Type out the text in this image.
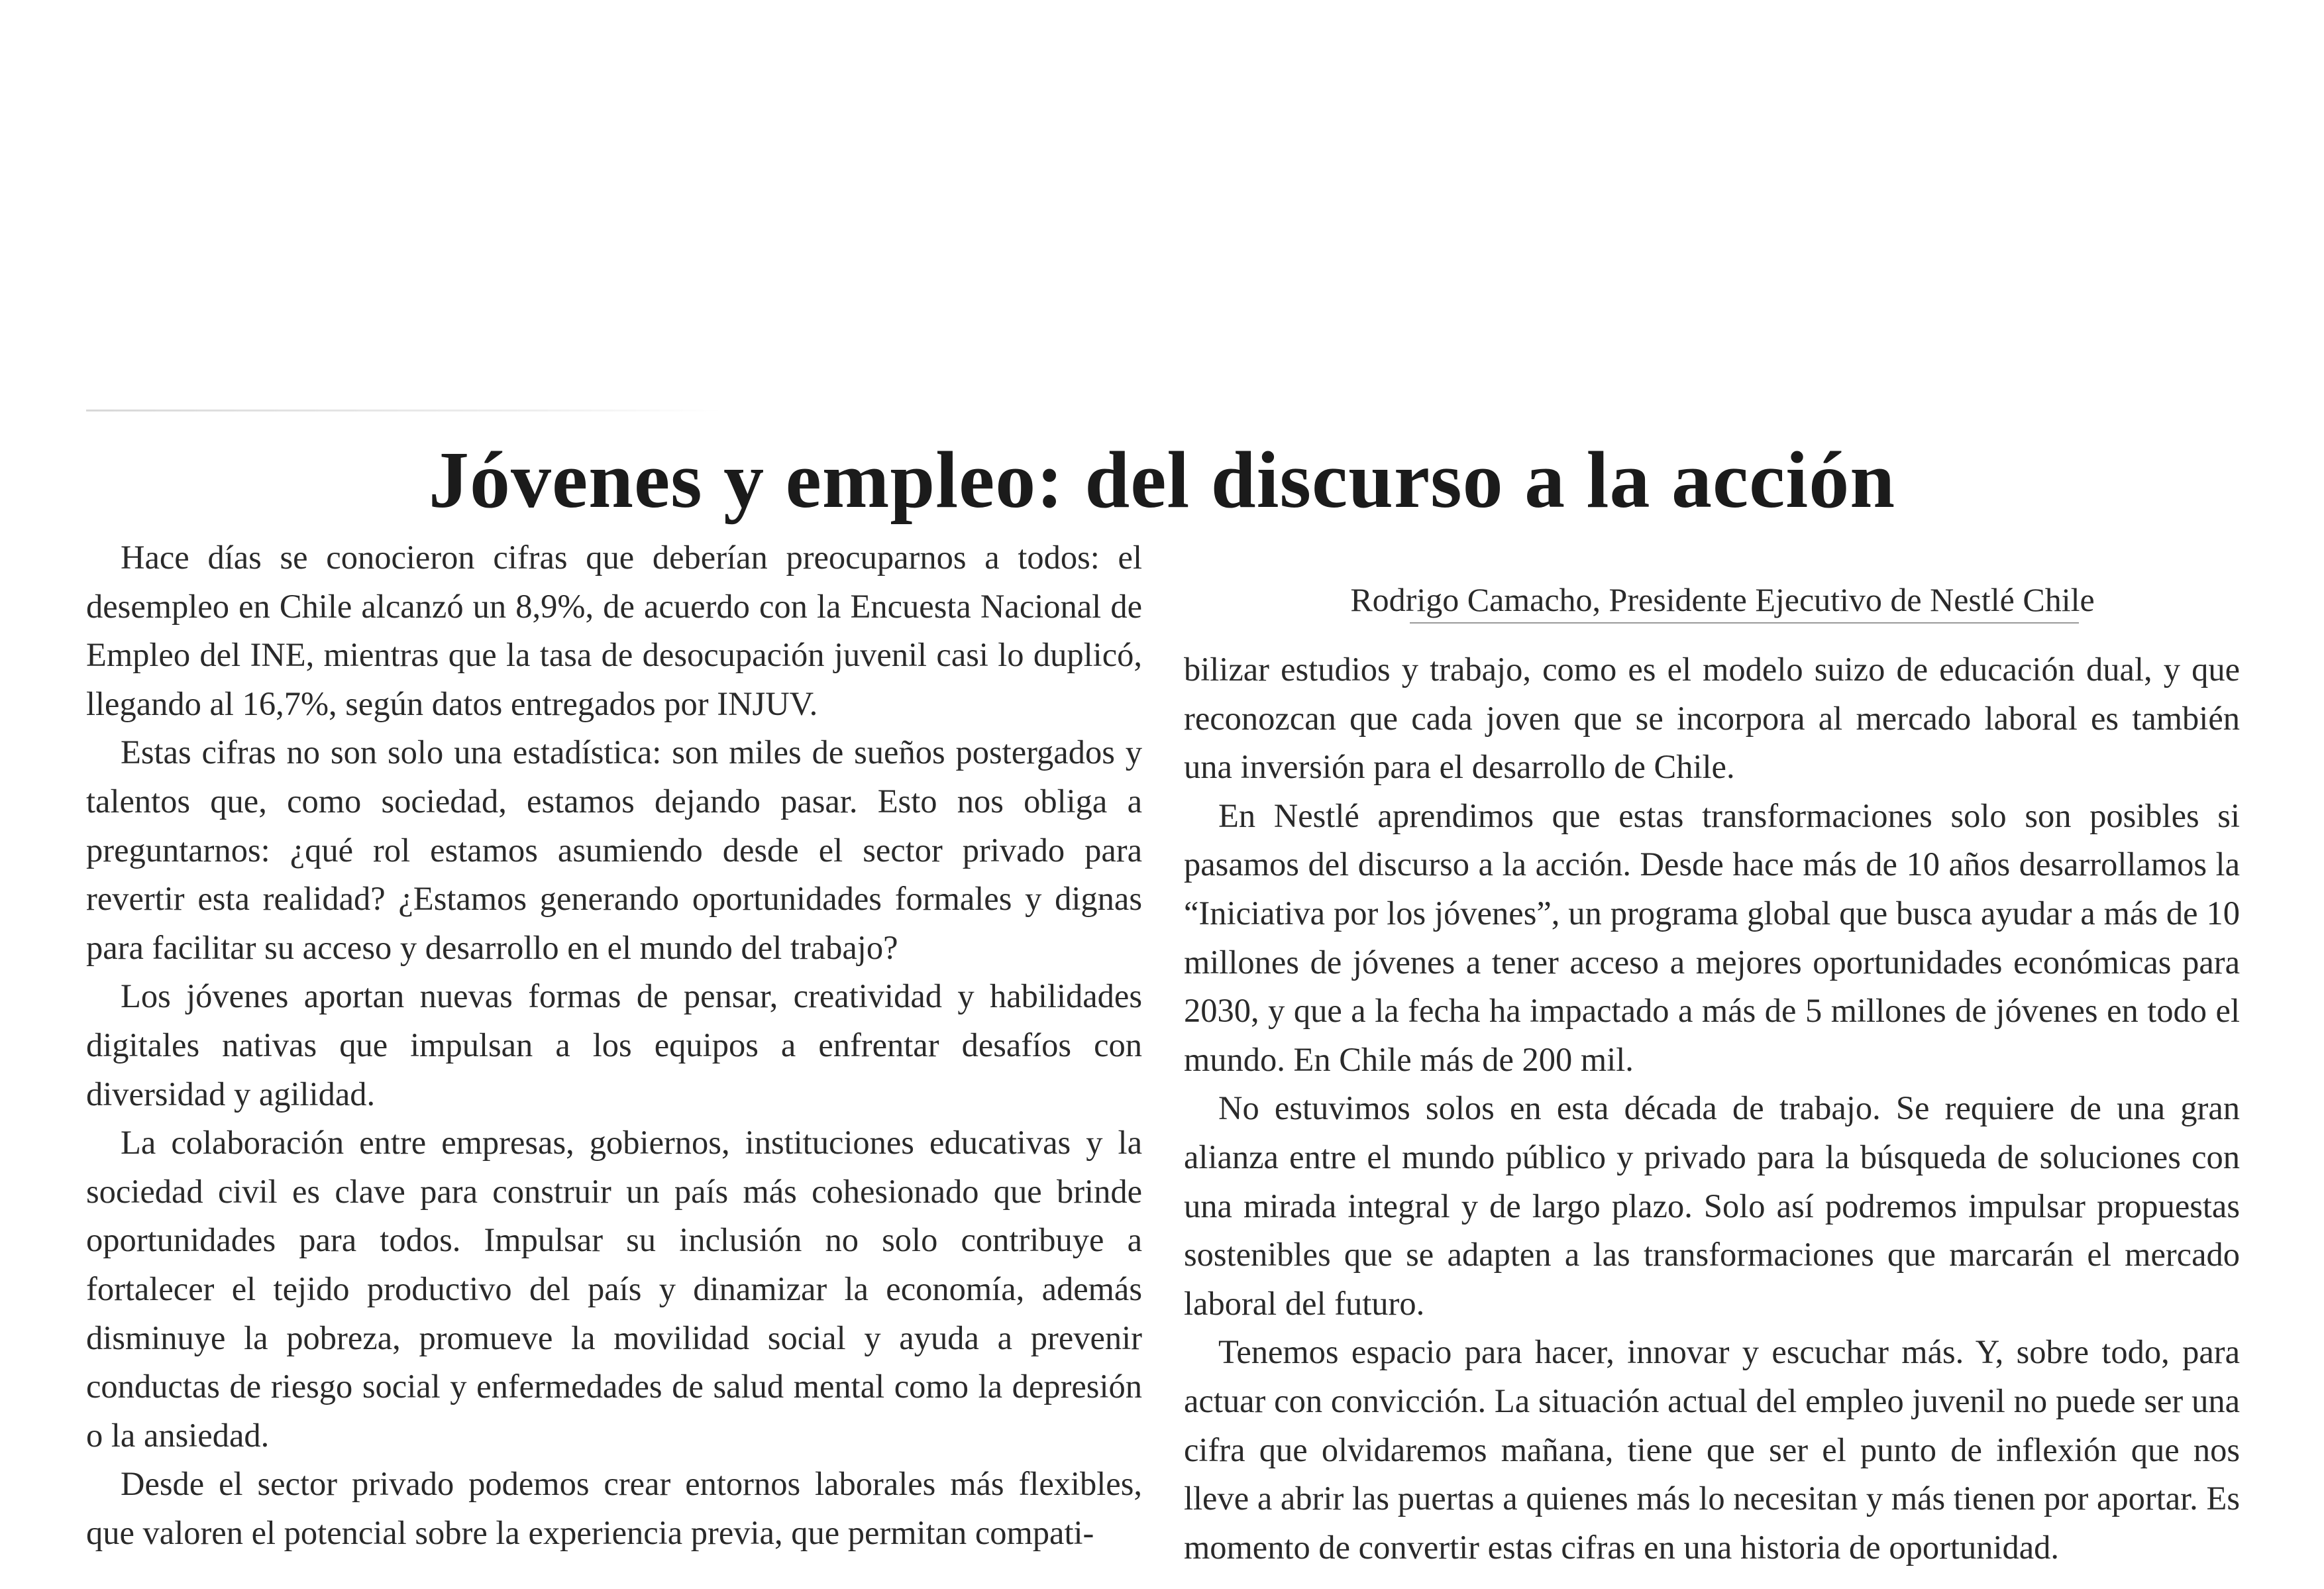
Jóvenes y empleo: del discurso a la acción

Hace días se conocieron cifras que deberían preocuparnos a todos: el desempleo en Chile alcanzó un 8,9%, de acuerdo con la Encuesta Nacional de Empleo del INE, mientras que la tasa de desocupación juvenil casi lo duplicó, llegando al 16,7%, según datos entregados por INJUV.

Estas cifras no son solo una estadística: son miles de sueños postergados y talentos que, como sociedad, estamos dejando pasar. Esto nos obliga a preguntarnos: ¿qué rol estamos asumiendo desde el sector privado para revertir esta realidad? ¿Estamos generando oportunidades formales y dignas para facilitar su acceso y desarrollo en el mundo del trabajo?

Los jóvenes aportan nuevas formas de pensar, creatividad y habilidades digitales nativas que impulsan a los equipos a enfrentar desafíos con diversidad y agilidad.

La colaboración entre empresas, gobiernos, instituciones educativas y la sociedad civil es clave para construir un país más cohesionado que brinde oportunidades para todos. Impulsar su inclusión no solo contribuye a fortalecer el tejido productivo del país y dinamizar la economía, además disminuye la pobreza, promueve la movilidad social y ayuda a prevenir conductas de riesgo social y enfermedades de salud mental como la depresión o la ansiedad.

Desde el sector privado podemos crear entornos laborales más flexibles, que valoren el potencial sobre la experiencia previa, que permitan compati-

Rodrigo Camacho, Presidente Ejecutivo de Nestlé Chile

bilizar estudios y trabajo, como es el modelo suizo de educación dual, y que reconozcan que cada joven que se incorpora al mercado laboral es también una inversión para el desarrollo de Chile.

En Nestlé aprendimos que estas transformaciones solo son posibles si pasamos del discurso a la acción. Desde hace más de 10 años desarrollamos la “Iniciativa por los jóvenes”, un programa global que busca ayudar a más de 10 millones de jóvenes a tener acceso a mejores oportunidades económicas para 2030, y que a la fecha ha impactado a más de 5 millones de jóvenes en todo el mundo. En Chile más de 200 mil.

No estuvimos solos en esta década de trabajo. Se requiere de una gran alianza entre el mundo público y privado para la búsqueda de soluciones con una mirada integral y de largo plazo. Solo así podremos impulsar propuestas sostenibles que se adapten a las transformaciones que marcarán el mercado laboral del futuro.

Tenemos espacio para hacer, innovar y escuchar más. Y, sobre todo, para actuar con convicción. La situación actual del empleo juvenil no puede ser una cifra que olvidaremos mañana, tiene que ser el punto de inflexión que nos lleve a abrir las puertas a quienes más lo necesitan y más tienen por aportar. Es momento de convertir estas cifras en una historia de oportunidad.
